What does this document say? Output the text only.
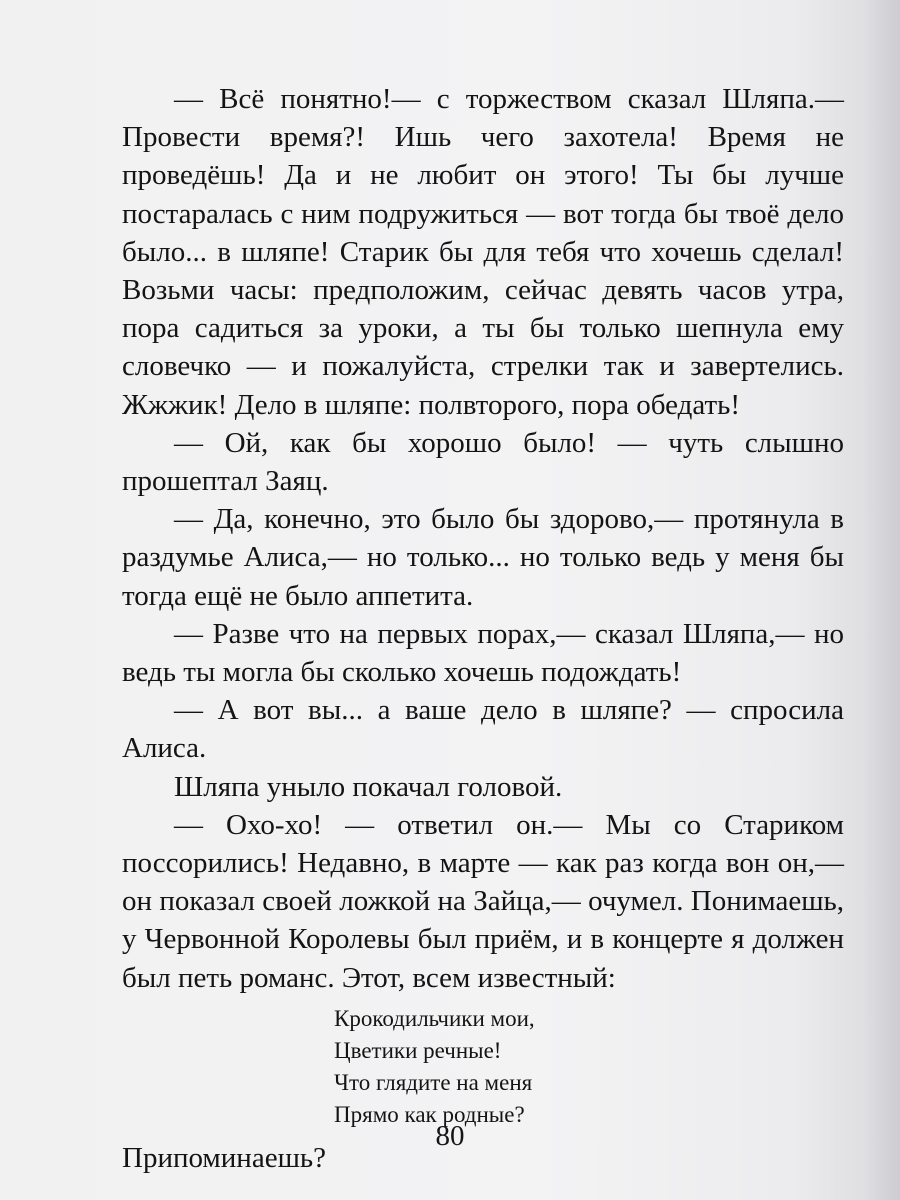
— Всё понятно!— с торжеством сказал Шляпа.— Провести время?! Ишь чего захотела! Время не проведёшь! Да и не любит он этого! Ты бы лучше постаралась с ним подружиться — вот тогда бы твоё дело было... в шляпе! Старик бы для тебя что хочешь сделал! Возьми часы: предположим, сейчас девять часов утра, пора садиться за уроки, а ты бы только шепнула ему словечко — и пожалуйста, стрелки так и завертелись. Жжжик! Дело в шляпе: полвторого, пора обедать!

— Ой, как бы хорошо было! — чуть слышно прошептал Заяц.

— Да, конечно, это было бы здорово,— протянула в раздумье Алиса,— но только... но только ведь у меня бы тогда ещё не было аппетита.

— Разве что на первых порах,— сказал Шляпа,— но ведь ты могла бы сколько хочешь подождать!

— А вот вы... а ваше дело в шляпе? — спросила Алиса.

Шляпа уныло покачал головой.

— Охо-хо! — ответил он.— Мы со Стариком поссорились! Недавно, в марте — как раз когда вон он,— он показал своей ложкой на Зайца,— очумел. Понимаешь, у Червонной Королевы был приём, и в концерте я должен был петь романс. Этот, всем известный:

Крокодильчики мои,
Цветики речные!
Что глядите на меня
Прямо как родные?

Припоминаешь?

80
